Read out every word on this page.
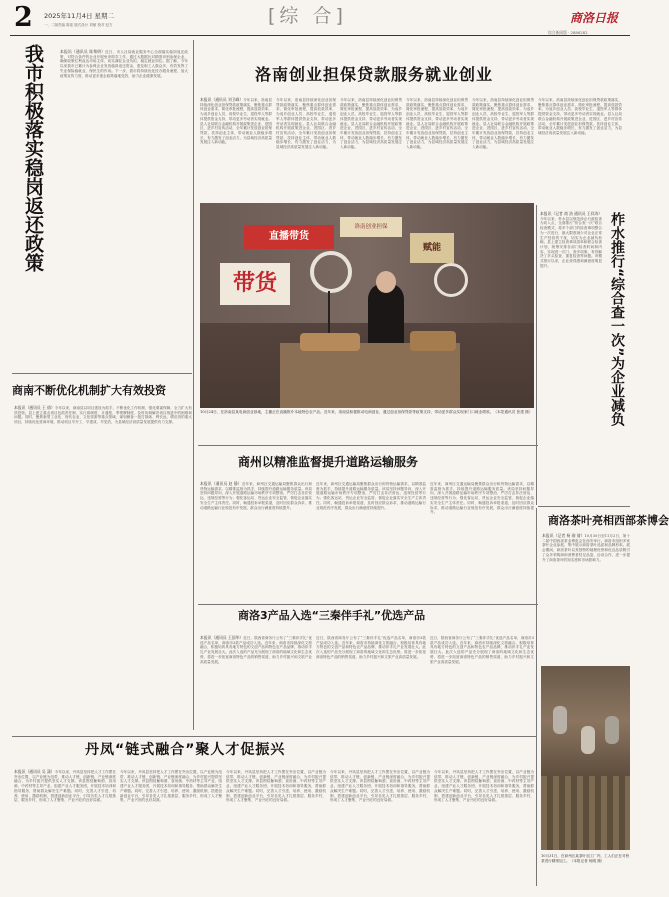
2 2025年11月4日 星期二
一、二版责编 陈迎 版式设计 刘敏 校对 纪方	[综 合]	商洛日报
综合新闻版 · 2886282
我市积极落实稳岗返还政策	本报讯（通讯员 陈黎明）近日，市人社局就业服务中心全面落实稳岗返还政策，对符合条件的企业开展免申即享工作，通过大数据比对精准识别参保企业，确保政策红利直达市场主体，切实减轻企业负担，稳定就业岗位。据了解，今年以来我市已累计为参保企业发放稳岗返还资金，惠及职工人数众多，有效发挥了失业保险稳就业、保民生的作用。下一步，我市将持续优化经办服务流程，加大政策宣传力度，推动更多惠企政策落地见效，助力企业健康发展。
商南不断优化机制扩大有效投资
本报讯（通讯员 王 倩）今年以来，商南县以项目建设为抓手，不断优化工作机制，强化要素保障，全力扩大有效投资。县上建立重点项目包抓责任制，实行周调度、月通报、季观摩制度，及时协调解决项目推进中的困难和问题。同时，聚焦新型工业化、现代农业、文化旅游等重点领域，谋划储备一批打基础、利长远、增后劲的重大项目，持续优化营商环境，推动项目早开工、早建成、早见效，为县域经济高质量发展提供有力支撑。
洛南创业担保贷款服务就业创业
本报讯（通讯员 刘卫峰）今年以来，洛南县持续深化创业担保贷款政策落实，聚焦重点群体创业需求，简化审批流程，提高放款效率，为返乡创业人员、高校毕业生、退役军人等群体提供资金支持，带动更多劳动者实现就业。县人社局联合金融机构开展政策进企业、进园区、进乡村宣传活动，全年累计发放创业担保贷款，扶持创业主体，带动就业人数稳步增长，有力激发了创业活力，为县域经济高质量发展注入新动能。
今年以来，洛南县持续深化创业担保贷款政策落实，聚焦重点群体创业需求，简化审批流程，提高放款效率，为返乡创业人员、高校毕业生、退役军人等群体提供资金支持，带动更多劳动者实现就业。县人社局联合金融机构开展政策进企业、进园区、进乡村宣传活动，全年累计发放创业担保贷款，扶持创业主体，带动就业人数稳步增长，有力激发了创业活力，为县域经济高质量发展注入新动能。
今年以来，洛南县持续深化创业担保贷款政策落实，聚焦重点群体创业需求，简化审批流程，提高放款效率，为返乡创业人员、高校毕业生、退役军人等群体提供资金支持，带动更多劳动者实现就业。县人社局联合金融机构开展政策进企业、进园区、进乡村宣传活动，全年累计发放创业担保贷款，扶持创业主体，带动就业人数稳步增长，有力激发了创业活力，为县域经济高质量发展注入新动能。
今年以来，洛南县持续深化创业担保贷款政策落实，聚焦重点群体创业需求，简化审批流程，提高放款效率，为返乡创业人员、高校毕业生、退役军人等群体提供资金支持，带动更多劳动者实现就业。县人社局联合金融机构开展政策进企业、进园区、进乡村宣传活动，全年累计发放创业担保贷款，扶持创业主体，带动就业人数稳步增长，有力激发了创业活力，为县域经济高质量发展注入新动能。
今年以来，洛南县持续深化创业担保贷款政策落实，聚焦重点群体创业需求，简化审批流程，提高放款效率，为返乡创业人员、高校毕业生、退役军人等群体提供资金支持，带动更多劳动者实现就业。县人社局联合金融机构开展政策进企业、进园区、进乡村宣传活动，全年累计发放创业担保贷款，扶持创业主体，带动就业人数稳步增长，有力激发了创业活力，为县域经济高质量发展注入新动能。
今年以来，洛南县持续深化创业担保贷款政策落实，聚焦重点群体创业需求，简化审批流程，提高放款效率，为返乡创业人员、高校毕业生、退役军人等群体提供资金支持，带动更多劳动者实现就业。县人社局联合金融机构开展政策进企业、进园区、进乡村宣传活动，全年累计发放创业担保贷款，扶持创业主体，带动就业人数稳步增长，有力激发了创业活力，为县域经济高质量发展注入新动能。
直播带货
洛南创业担保
赋能
带货
10月24日，在洛南县某电商创业基地，主播正在直播推介本地特色农产品。近年来，洛南县积极推动电商创业，通过创业担保贷款等政策支持，带动更多群众实现家门口就业增收。（本报通讯员 张建 摄）
本报讯（记者 商 洛 通讯员 王祥涛）今年以来，柞水县以规范涉企行政检查为切入点，全面推行“综合查一次”联合检查模式，将多个部门的检查事项整合为一次进行，最大限度减少对企业正常生产经营的干扰，切实为企业减负松绑。县上建立检查事项清单和联合检查计划，统筹安排各部门检查时间和内容，实现进一次门、查多项事，有效解决了多头检查、重复检查等问题。该模式推行以来，企业获得感和满意度明显提升。	柞水推行“综合查一次”为企业减负
商州以精准监督提升道路运输服务
本报讯（通讯员 赵 静）近年来，商州区交通运输局聚焦群众出行和货物运输需求，以精准监督为抓手，持续提升道路运输服务质量。该局坚持问题导向，深入开展道路运输市场秩序专项整治，严厉打击非法营运、违规经营等行为；强化客运站、货运企业安全监管，督促企业落实安全生产主体责任。同时，畅通投诉举报渠道，及时回应群众诉求，推动道路运输行业规范有序发展，群众出行满意度持续提升。
近年来，商州区交通运输局聚焦群众出行和货物运输需求，以精准监督为抓手，持续提升道路运输服务质量。该局坚持问题导向，深入开展道路运输市场秩序专项整治，严厉打击非法营运、违规经营等行为；强化客运站、货运企业安全监管，督促企业落实安全生产主体责任。同时，畅通投诉举报渠道，及时回应群众诉求，推动道路运输行业规范有序发展，群众出行满意度持续提升。
近年来，商州区交通运输局聚焦群众出行和货物运输需求，以精准监督为抓手，持续提升道路运输服务质量。该局坚持问题导向，深入开展道路运输市场秩序专项整治，严厉打击非法营运、违规经营等行为；强化客运站、货运企业安全监管，督促企业落实安全生产主体责任。同时，畅通投诉举报渠道，及时回应群众诉求，推动道路运输行业规范有序发展，群众出行满意度持续提升。
商洛茶叶亮相西部茶博会
本报讯（记者 杨 刚 倩）10月30日至11月2日，第十二届中国西部茶业博览会在西安举行。商洛市组织多家茶叶企业参展，集中展示商洛茶叶品质和品牌形象。展会期间，商洛茶叶以其独特的地理优势和优良品质吸引了众多采购商和消费者驻足品鉴、洽谈合作，进一步提升了商洛茶叶的知名度和市场影响力。
10月31日，在商州区某茶叶加工厂内，工人们正在对秋茶进行精细加工。（本报记者 杨刚 摄）
商洛3产品入选“三秦伴手礼”优选产品
本报讯（通讯员 王国华）近日，陕西省商务厅公布了“三秦伴手礼”优选产品名单，商洛市3款产品成功入选。近年来，商洛市持续深化文旅融合，积极培育具有地方特色的文创产品和特色农产品品牌，推动伴手礼产业发展壮大。此次入选的产品充分展现了商洛的地域文化和生态优势，将进一步拓宽商洛特色产品的销售渠道，助力乡村振兴和文旅产业高质量发展。
近日，陕西省商务厅公布了“三秦伴手礼”优选产品名单，商洛市3款产品成功入选。近年来，商洛市持续深化文旅融合，积极培育具有地方特色的文创产品和特色农产品品牌，推动伴手礼产业发展壮大。此次入选的产品充分展现了商洛的地域文化和生态优势，将进一步拓宽商洛特色产品的销售渠道，助力乡村振兴和文旅产业高质量发展。
近日，陕西省商务厅公布了“三秦伴手礼”优选产品名单，商洛市3款产品成功入选。近年来，商洛市持续深化文旅融合，积极培育具有地方特色的文创产品和特色农产品品牌，推动伴手礼产业发展壮大。此次入选的产品充分展现了商洛的地域文化和生态优势，将进一步拓宽商洛特色产品的销售渠道，助力乡村振兴和文旅产业高质量发展。
丹凤“链式融合”聚人才促振兴
本报讯（通讯员 吴 潇）今年以来，丹凤县坚持把人才工作摆在突出位置，以产业链为纽带，推动人才链、创新链、产业链深度融合，为乡村振兴提供坚实人才支撑。该县围绕葡萄酒、食用菌、中药材等主导产业，组建产业人才服务团，开展技术培训和指导服务，帮助群众解决生产难题。同时，完善人才引进、培养、使用、激励机制，搭建创新创业平台，引导各类人才扎根基层、服务乡村，形成了人才聚集、产业兴旺的良好局面。
今年以来，丹凤县坚持把人才工作摆在突出位置，以产业链为纽带，推动人才链、创新链、产业链深度融合，为乡村振兴提供坚实人才支撑。该县围绕葡萄酒、食用菌、中药材等主导产业，组建产业人才服务团，开展技术培训和指导服务，帮助群众解决生产难题。同时，完善人才引进、培养、使用、激励机制，搭建创新创业平台，引导各类人才扎根基层、服务乡村，形成了人才聚集、产业兴旺的良好局面。
今年以来，丹凤县坚持把人才工作摆在突出位置，以产业链为纽带，推动人才链、创新链、产业链深度融合，为乡村振兴提供坚实人才支撑。该县围绕葡萄酒、食用菌、中药材等主导产业，组建产业人才服务团，开展技术培训和指导服务，帮助群众解决生产难题。同时，完善人才引进、培养、使用、激励机制，搭建创新创业平台，引导各类人才扎根基层、服务乡村，形成了人才聚集、产业兴旺的良好局面。
今年以来，丹凤县坚持把人才工作摆在突出位置，以产业链为纽带，推动人才链、创新链、产业链深度融合，为乡村振兴提供坚实人才支撑。该县围绕葡萄酒、食用菌、中药材等主导产业，组建产业人才服务团，开展技术培训和指导服务，帮助群众解决生产难题。同时，完善人才引进、培养、使用、激励机制，搭建创新创业平台，引导各类人才扎根基层、服务乡村，形成了人才聚集、产业兴旺的良好局面。
今年以来，丹凤县坚持把人才工作摆在突出位置，以产业链为纽带，推动人才链、创新链、产业链深度融合，为乡村振兴提供坚实人才支撑。该县围绕葡萄酒、食用菌、中药材等主导产业，组建产业人才服务团，开展技术培训和指导服务，帮助群众解决生产难题。同时，完善人才引进、培养、使用、激励机制，搭建创新创业平台，引导各类人才扎根基层、服务乡村，形成了人才聚集、产业兴旺的良好局面。
